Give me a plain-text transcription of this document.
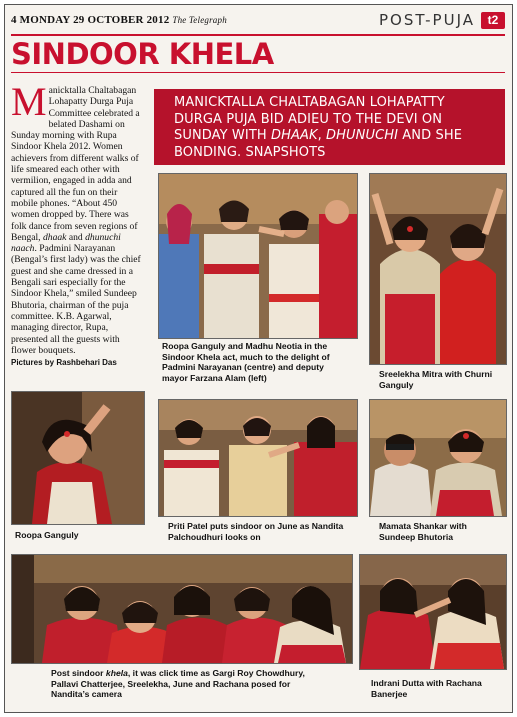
4 MONDAY 29 OCTOBER 2012 The Telegraph	POST-PUJA	t2
SINDOOR KHELA
Manicktalla Chaltabagan Lohapatty Durga Puja Committee celebrated a belated Dashami on Sunday morning with Rupa Sindoor Khela 2012. Women achievers from different walks of life smeared each other with vermilion, engaged in adda and captured all the fun on their mobile phones. “About 450 women dropped by. There was folk dance from seven regions of Bengal, dhaak and dhunuchi naach. Padmini Narayanan (Bengal’s first lady) was the chief guest and she came dressed in a Bengali sari especially for the Sindoor Khela,” smiled Sundeep Bhutoria, chairman of the puja committee. K.B. Agarwal, managing director, Rupa, presented all the guests with flower bouquets.
Pictures by Rashbehari Das
MANICKTALLA CHALTABAGAN LOHAPATTY DURGA PUJA BID ADIEU TO THE DEVI ON SUNDAY WITH DHAAK, DHUNUCHI AND SHE BONDING. SNAPSHOTS
Roopa Ganguly and Madhu Neotia in the Sindoor Khela act, much to the delight of Padmini Narayanan (centre) and deputy mayor Farzana Alam (left)	Sreelekha Mitra with Churni Ganguly
Roopa Ganguly
Priti Patel puts sindoor on June as Nandita Palchoudhuri looks on
Mamata Shankar with Sundeep Bhutoria
Post sindoor khela, it was click time as Gargi Roy Chowdhury, Pallavi Chatterjee, Sreelekha, June and Rachana posed for Nandita’s camera
Indrani Dutta with Rachana Banerjee
